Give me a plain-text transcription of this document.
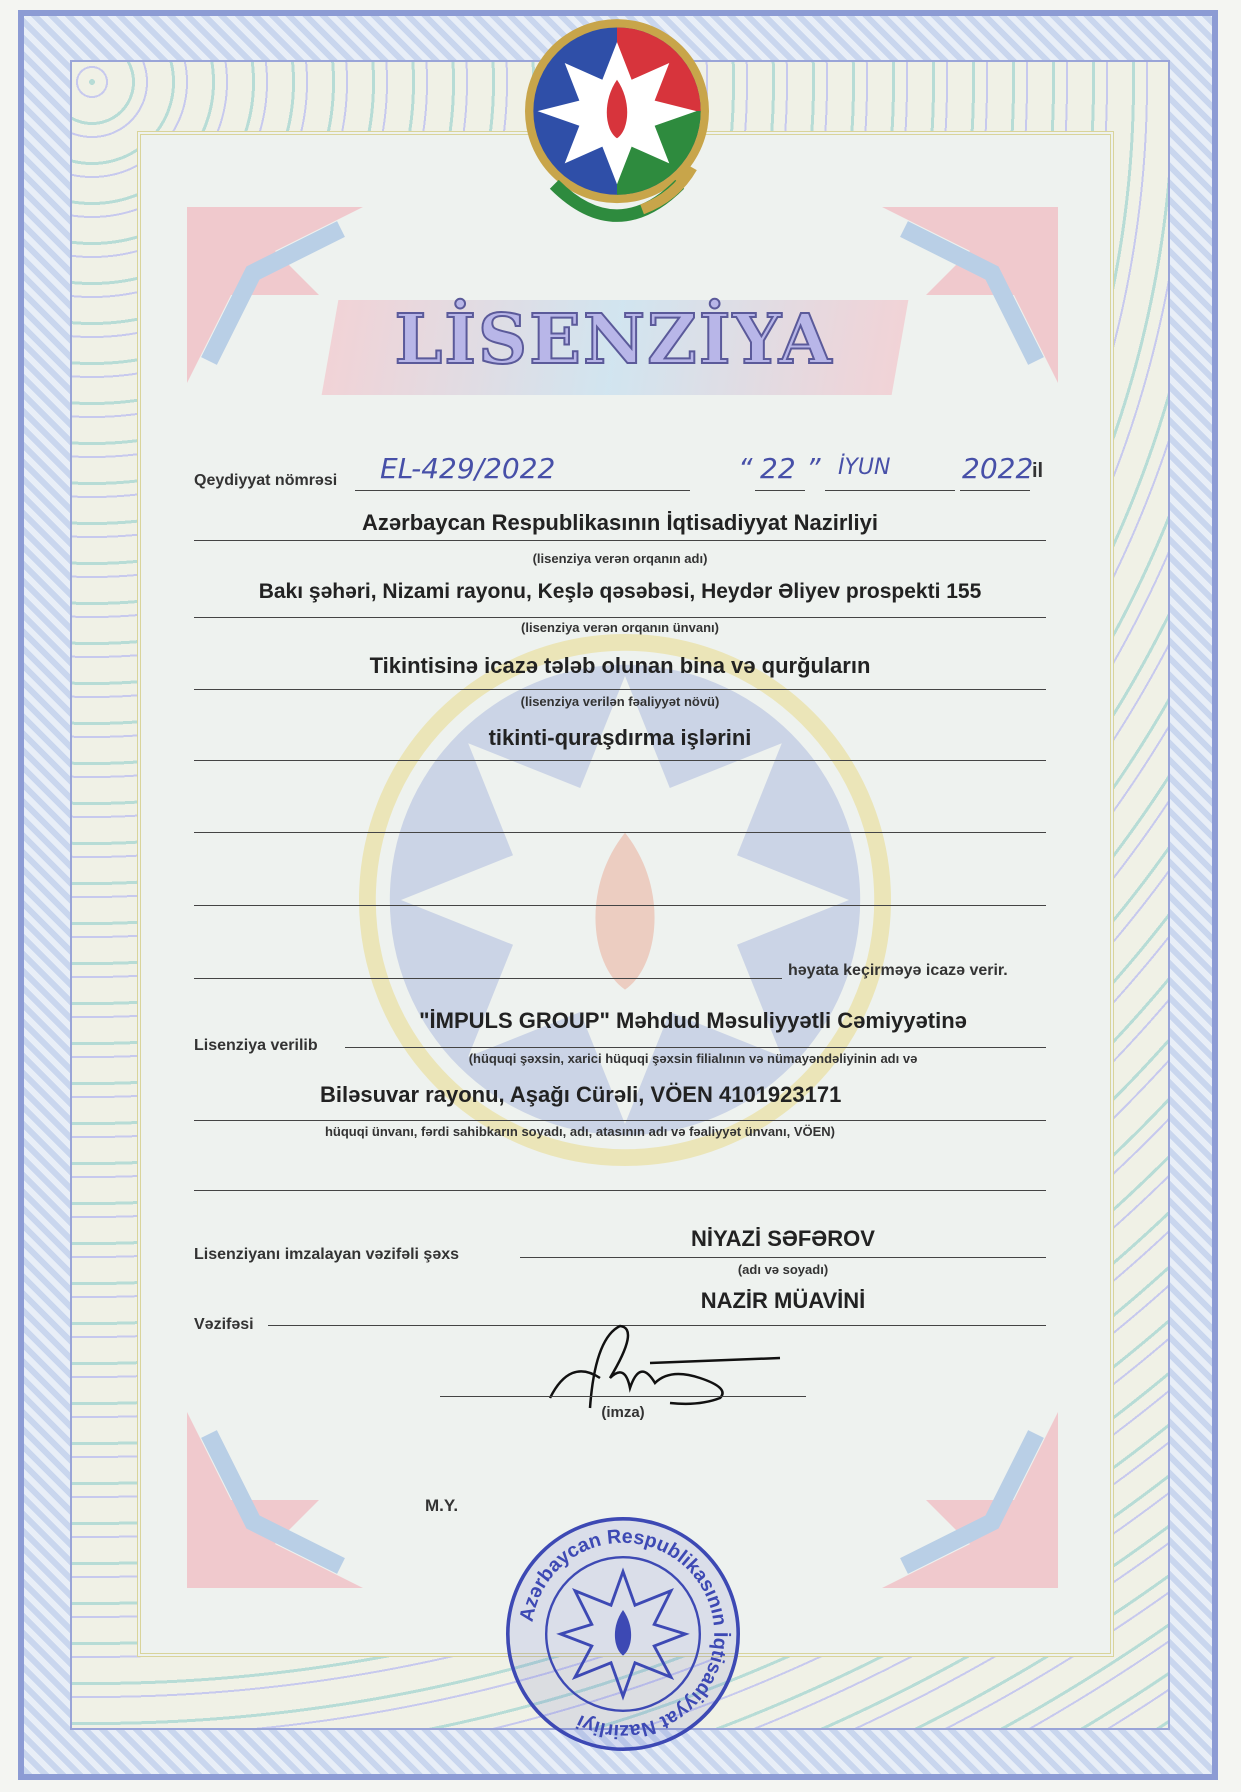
LİSENZİYA
Qeydiyyat nömrəsi EL-429/2022	“ 22 ” İYUN	2022
il
Azərbaycan Respublikasının İqtisadiyyat Nazirliyi
(lisenziya verən orqanın adı)
Bakı şəhəri, Nizami rayonu, Keşlə qəsəbəsi, Heydər Əliyev prospekti 155
(lisenziya verən orqanın ünvanı)
Tikintisinə icazə tələb olunan bina və qurğuların
(lisenziya verilən fəaliyyət növü)
tikinti-quraşdırma işlərini
həyata keçirməyə icazə verir.
"İMPULS GROUP" Məhdud Məsuliyyətli Cəmiyyətinə
Lisenziya verilib
(hüquqi şəxsin, xarici hüquqi şəxsin filialının və nümayəndəliyinin adı və
Biləsuvar rayonu, Aşağı Cürəli, VÖEN 4101923171
hüquqi ünvanı, fərdi sahibkarın soyadı, adı, atasının adı və fəaliyyət ünvanı, VÖEN)
NİYAZİ SƏFƏROV
Lisenziyanı imzalayan vəzifəli şəxs
(adı və soyadı)
NAZİR MÜAVİNİ
Vəzifəsi
(imza)
M.Y.
Azərbaycan Respublikasının İqtisadiyyat Nazirliyi
